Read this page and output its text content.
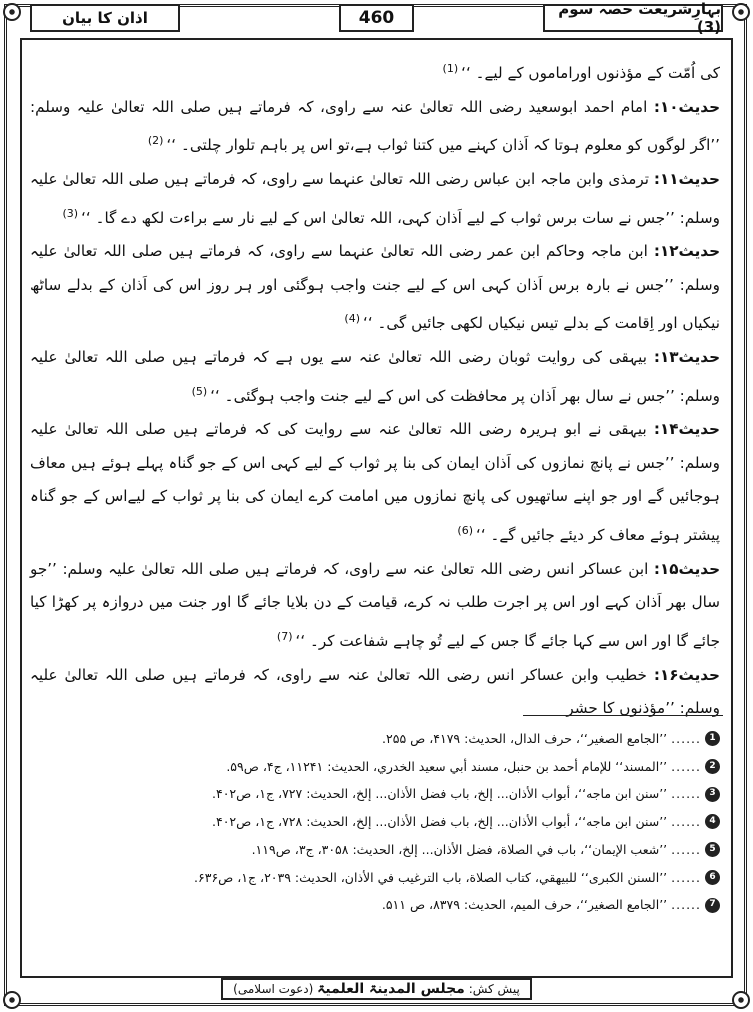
بہارِشریعت حصہ سوم (3)
460
اذان کا بیان

کی اُمّت کے مؤذنوں اوراماموں کے لیے۔ ‘‘$^{(1)}$

حدیث۱۰: امام احمد ابوسعید رضی اللہ تعالیٰ عنہ سے راوی، کہ فرماتے ہیں صلی اللہ تعالیٰ علیہ وسلم: ’’اگر لوگوں کو معلوم ہوتا کہ اَذان کہنے میں کتنا ثواب ہے،تو اس پر باہم تلوار چلتی۔ ‘‘$^{(2)}$

حدیث۱۱: ترمذی وابن ماجہ ابن عباس رضی اللہ تعالیٰ عنہما سے راوی، کہ فرماتے ہیں صلی اللہ تعالیٰ علیہ وسلم: ’’جس نے سات برس ثواب کے لیے اَذان کہی، اللہ تعالیٰ اس کے لیے نار سے براءت لکھ دے گا۔ ‘‘$^{(3)}$

حدیث۱۲: ابن ماجہ وحاکم ابن عمر رضی اللہ تعالیٰ عنہما سے راوی، کہ فرماتے ہیں صلی اللہ تعالیٰ علیہ وسلم: ’’جس نے بارہ برس اَذان کہی اس کے لیے جنت واجب ہوگئی اور ہر روز اس کی اَذان کے بدلے ساٹھ نیکیاں اور اِقامت کے بدلے تیس نیکیاں لکھی جائیں گی۔ ‘‘$^{(4)}$

حدیث۱۳: بیہقی کی روایت ثوبان رضی اللہ تعالیٰ عنہ سے یوں ہے کہ فرماتے ہیں صلی اللہ تعالیٰ علیہ وسلم: ’’جس نے سال بھر اَذان پر محافظت کی اس کے لیے جنت واجب ہوگئی۔ ‘‘$^{(5)}$

حدیث۱۴: بیہقی نے ابو ہریرہ رضی اللہ تعالیٰ عنہ سے روایت کی کہ فرماتے ہیں صلی اللہ تعالیٰ علیہ وسلم: ’’جس نے پانچ نمازوں کی اَذان ایمان کی بنا پر ثواب کے لیے کہی اس کے جو گناہ پہلے ہوئے ہیں معاف ہوجائیں گے اور جو اپنے ساتھیوں کی پانچ نمازوں میں امامت کرے ایمان کی بنا پر ثواب کے لیےاس کے جو گناہ پیشتر ہوئے معاف کر دیئے جائیں گے۔ ‘‘$^{(6)}$

حدیث۱۵: ابن عساکر انس رضی اللہ تعالیٰ عنہ سے راوی، کہ فرماتے ہیں صلی اللہ تعالیٰ علیہ وسلم: ’’جو سال بھر اَذان کہے اور اس پر اجرت طلب نہ کرے، قیامت کے دن بلایا جائے گا اور جنت میں دروازہ پر کھڑا کیا جائے گا اور اس سے کہا جائے گا جس کے لیے تُو چاہے شفاعت کر۔ ‘‘$^{(7)}$

حدیث۱۶: خطیب وابن عساکر انس رضی اللہ تعالیٰ عنہ سے راوی، کہ فرماتے ہیں صلی اللہ تعالیٰ علیہ وسلم: ’’مؤذنوں کا حشر

1
......
’’الجامع الصغیر‘‘، حرف الدال، الحدیث: ۴۱۷۹، ص ۲۵۵.
2
......
’’المسند‘‘ للإمام أحمد بن حنبل، مسند أبي سعید الخدري، الحدیث: ۱۱۲۴۱، ج۴، ص۵۹.
3
......
’’سنن ابن ماجه‘‘، أبواب الأذان... إلخ، باب فضل الأذان... إلخ، الحدیث: ۷۲۷، ج۱، ص۴۰۲.
4
......
’’سنن ابن ماجه‘‘، أبواب الأذان... إلخ، باب فضل الأذان... إلخ، الحدیث: ۷۲۸، ج۱، ص۴۰۲.
5
......
’’شعب الإیمان‘‘، باب في الصلاة، فضل الأذان... إلخ، الحدیث: ۳۰۵۸، ج۳، ص۱۱۹.
6
......
’’السنن الکبری‘‘ للبیهقي، کتاب الصلاة، باب الترغیب في الأذان، الحدیث: ۲۰۳۹، ج۱، ص۶۳۶.
7
......
’’الجامع الصغیر‘‘، حرف المیم، الحدیث: ۸۳۷۹، ص ۵۱۱.
پیش کش: مجلس المدینۃ العلمیۃ (دعوت اسلامی)
